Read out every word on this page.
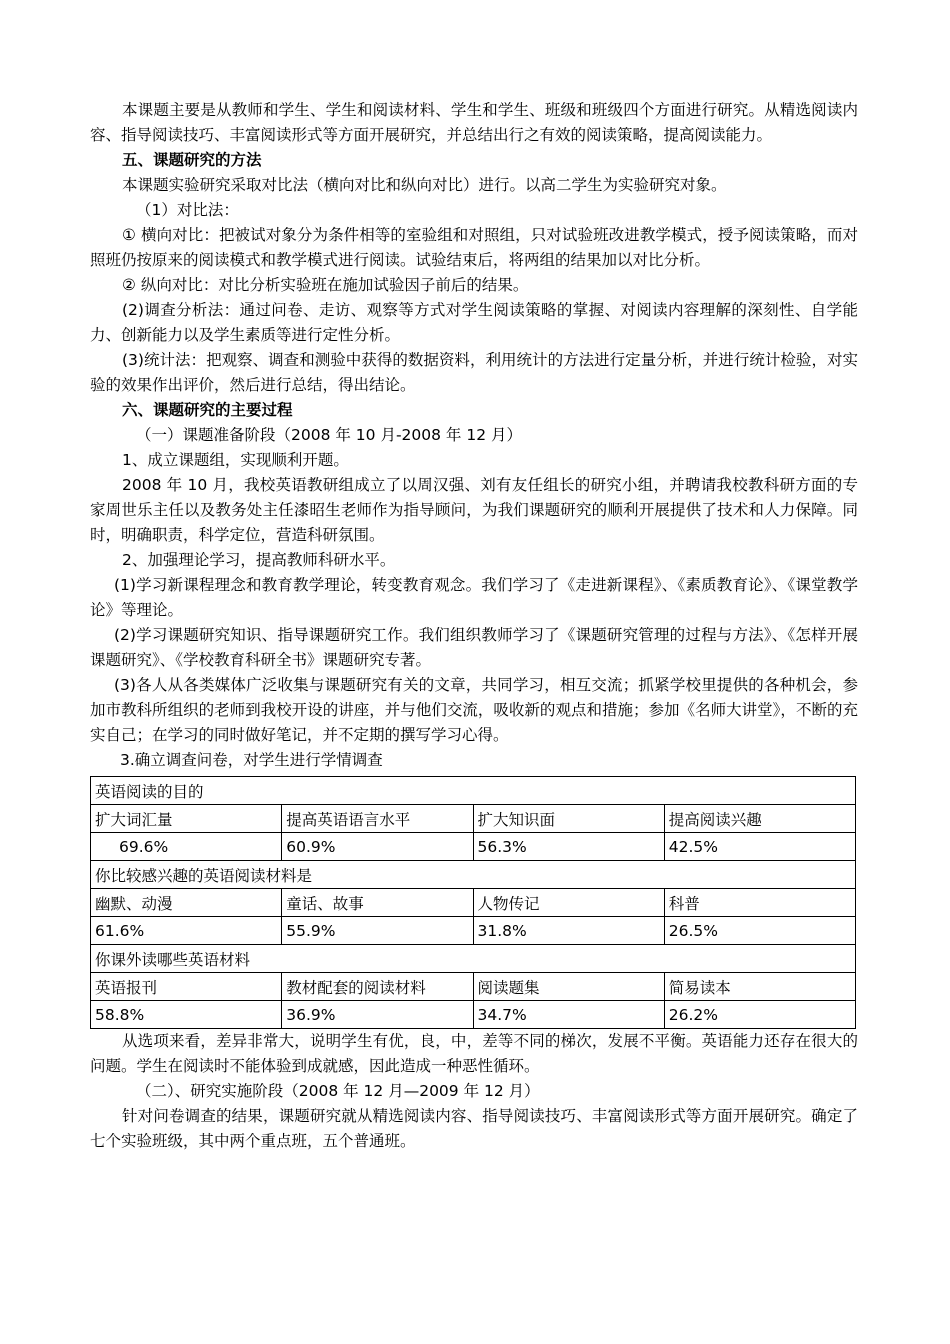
本课题主要是从教师和学生、学生和阅读材料、学生和学生、班级和班级四个方面进行研究。从精选阅读内容、指导阅读技巧、丰富阅读形式等方面开展研究，并总结出行之有效的阅读策略，提高阅读能力。

五、课题研究的方法

本课题实验研究采取对比法（横向对比和纵向对比）进行。以高二学生为实验研究对象。

（1）对比法：

① 横向对比：把被试对象分为条件相等的室验组和对照组，只对试验班改进教学模式，授予阅读策略，而对照班仍按原来的阅读模式和教学模式进行阅读。试验结束后，将两组的结果加以对比分析。

② 纵向对比：对比分析实验班在施加试验因子前后的结果。

(2)调查分析法：通过问卷、走访、观察等方式对学生阅读策略的掌握、对阅读内容理解的深刻性、自学能力、创新能力以及学生素质等进行定性分析。

(3)统计法：把观察、调查和测验中获得的数据资料，利用统计的方法进行定量分析，并进行统计检验，对实验的效果作出评价，然后进行总结，得出结论。

六、课题研究的主要过程

（一）课题准备阶段（2008 年 10 月-2008 年 12 月）

1、成立课题组，实现顺利开题。

2008 年 10 月，我校英语教研组成立了以周汉强、刘有友任组长的研究小组，并聘请我校教科研方面的专家周世乐主任以及教务处主任漆昭生老师作为指导顾问，为我们课题研究的顺利开展提供了技术和人力保障。同时，明确职责，科学定位，营造科研氛围。

2、加强理论学习，提高教师科研水平。

(1)学习新课程理念和教育教学理论，转变教育观念。我们学习了《走进新课程》、《素质教育论》、《课堂教学论》等理论。

(2)学习课题研究知识、指导课题研究工作。我们组织教师学习了《课题研究管理的过程与方法》、《怎样开展课题研究》、《学校教育科研全书》课题研究专著。

(3)各人从各类媒体广泛收集与课题研究有关的文章，共同学习，相互交流；抓紧学校里提供的各种机会，参加市教科所组织的老师到我校开设的讲座，并与他们交流，吸收新的观点和措施；参加《名师大讲堂》，不断的充实自己；在学习的同时做好笔记，并不定期的撰写学习心得。

3.确立调查问卷，对学生进行学情调查

英语阅读的目的			
扩大词汇量	提高英语语言水平	扩大知识面	提高阅读兴趣
69.6%	60.9%	56.3%	42.5%
你比较感兴趣的英语阅读材料是			
幽默、动漫	童话、故事	人物传记	科普
61.6%	55.9%	31.8%	26.5%
你课外读哪些英语材料			
英语报刊	教材配套的阅读材料	阅读题集	简易读本
58.8%	36.9%	34.7%	26.2%

从选项来看，差异非常大，说明学生有优，良，中，差等不同的梯次，发展不平衡。英语能力还存在很大的问题。学生在阅读时不能体验到成就感，因此造成一种恶性循环。

（二）、研究实施阶段（2008 年 12 月—2009 年 12 月）

针对问卷调查的结果，课题研究就从精选阅读内容、指导阅读技巧、丰富阅读形式等方面开展研究。确定了七个实验班级，其中两个重点班，五个普通班。
